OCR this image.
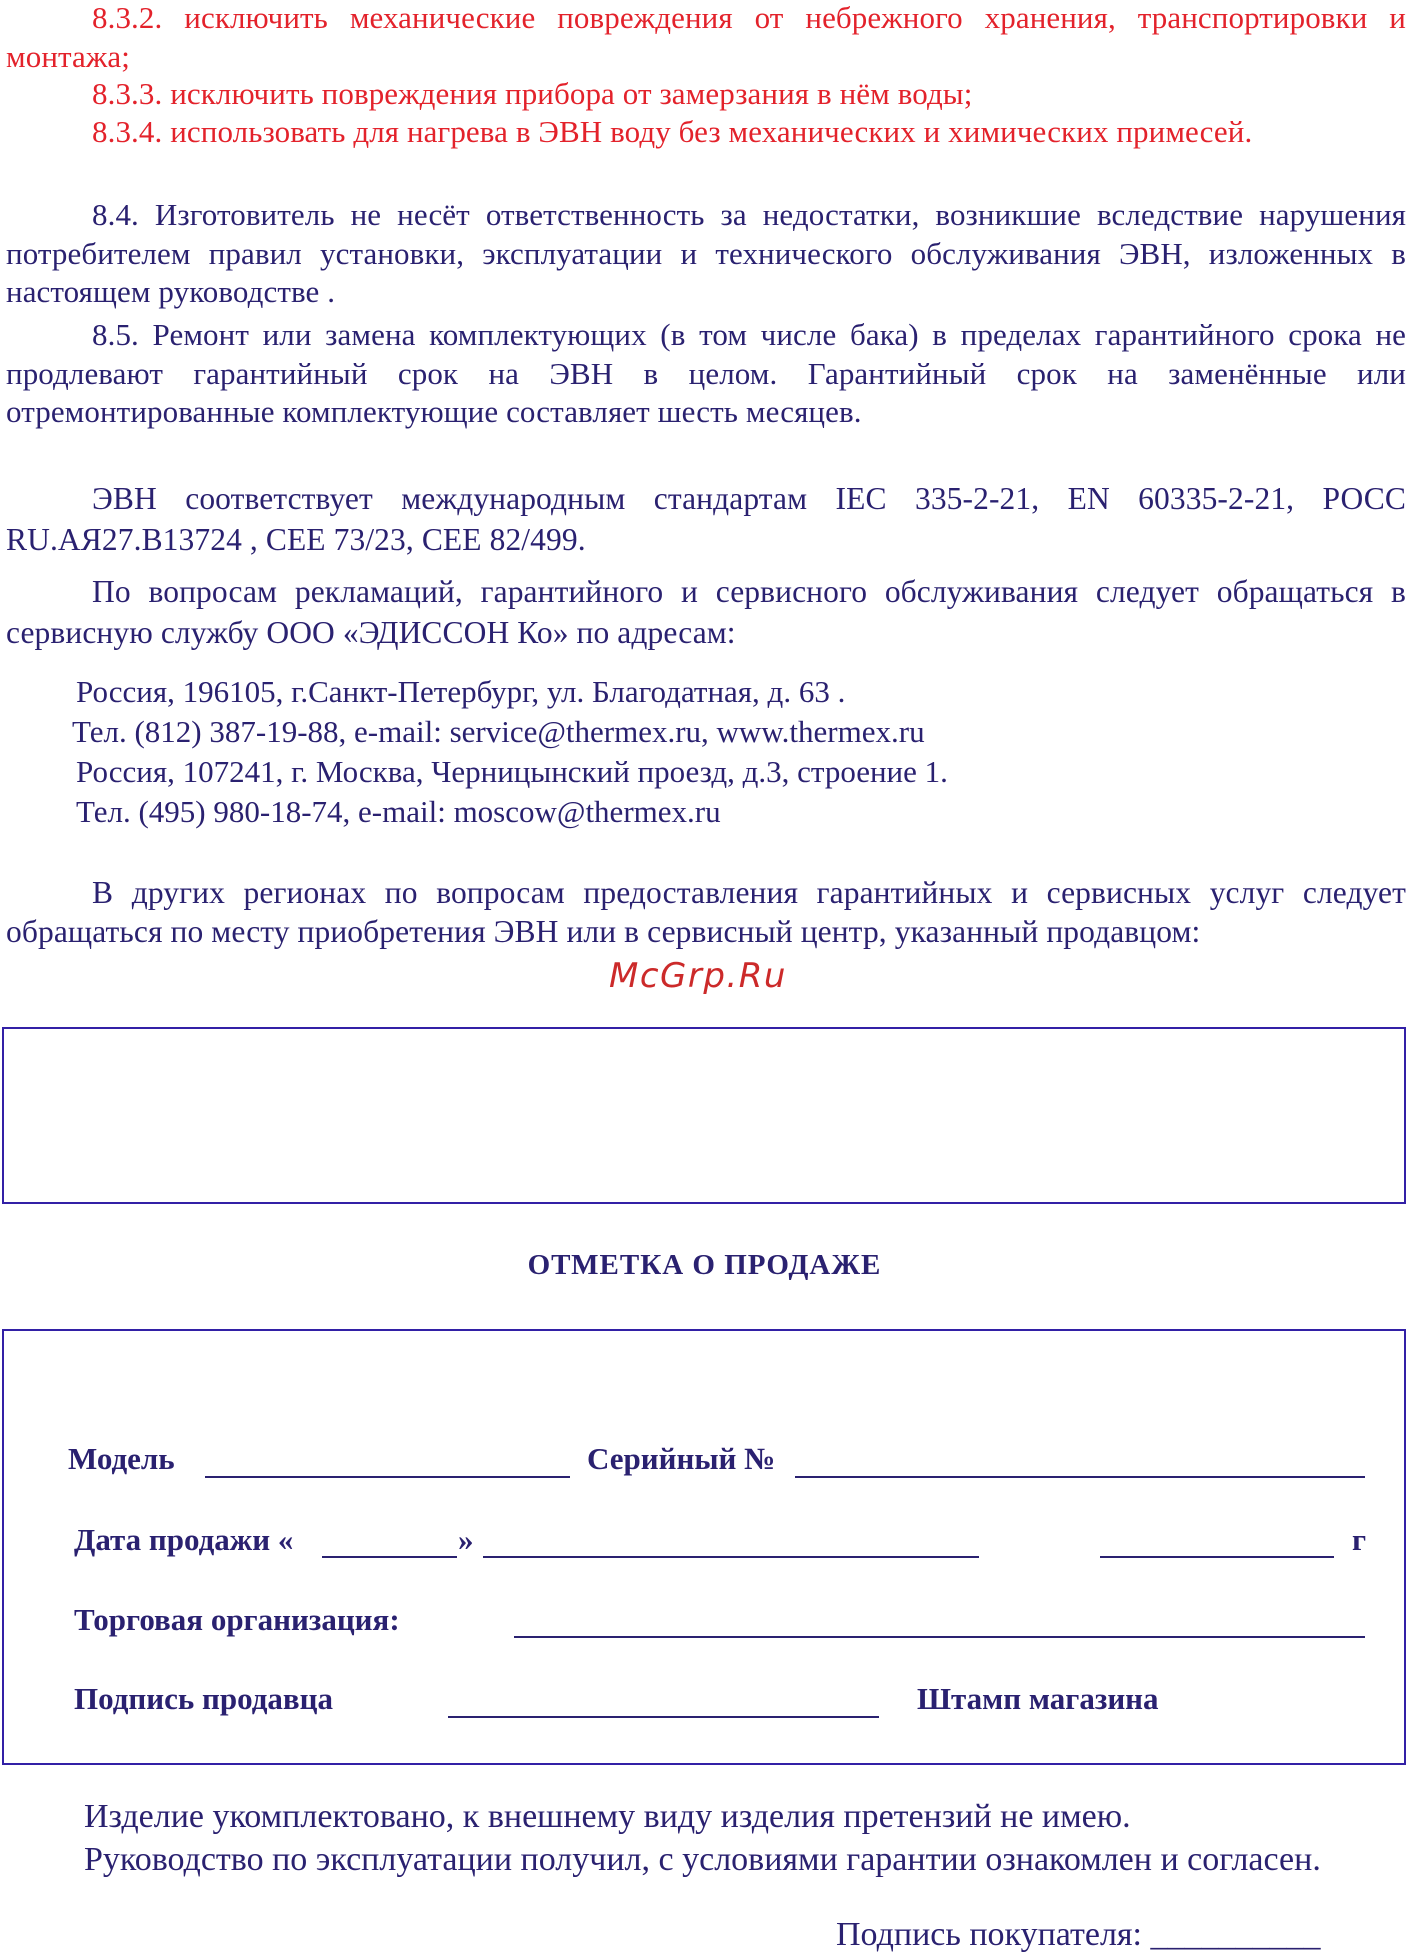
8.3.2. исключить механические повреждения от небрежного хранения, транспортировки и монтажа;

8.3.3. исключить повреждения прибора от замерзания в нём воды;

8.3.4. использовать для нагрева в ЭВН воду без механических и химических примесей.

8.4. Изготовитель не несёт ответственность за недостатки, возникшие вследствие нарушения потребителем правил установки, эксплуатации и технического обслуживания ЭВН, изложенных в настоящем руководстве .

8.5. Ремонт или замена комплектующих (в том числе бака) в пределах гарантийного срока не продлевают гарантийный срок на ЭВН в целом. Гарантийный срок на заменённые или отремонтированные комплектующие составляет шесть месяцев.

ЭВН соответствует международным стандартам IEC 335-2-21, EN 60335-2-21, РОСС RU.АЯ27.В13724 , СЕЕ 73/23, СЕЕ 82/499.

По вопросам рекламаций, гарантийного и сервисного обслуживания следует обращаться в сервисную службу ООО «ЭДИССОН Ко» по адресам:

Россия, 196105, г.Санкт-Петербург, ул. Благодатная, д. 63 .

Тел. (812) 387-19-88, e-mail: service@thermex.ru, www.thermex.ru

Россия, 107241, г. Москва, Черницынский проезд, д.3, строение 1.

Тел. (495) 980-18-74, e-mail: moscow@thermex.ru

В других регионах по вопросам предоставления гарантийных и сервисных услуг следует обращаться по месту приобретения ЭВН или в сервисный центр, указанный продавцом:

McGrp.Ru
ОТМЕТКА О ПРОДАЖЕ
Модель	Серийный №
Дата продажи «	»	г
Торговая организация:
Подпись продавца	Штамп магазина

Изделие укомплектовано, к внешнему виду изделия претензий не имею.

Руководство по эксплуатации получил, с условиями гарантии ознакомлен и согласен.

Подпись покупателя: __________
